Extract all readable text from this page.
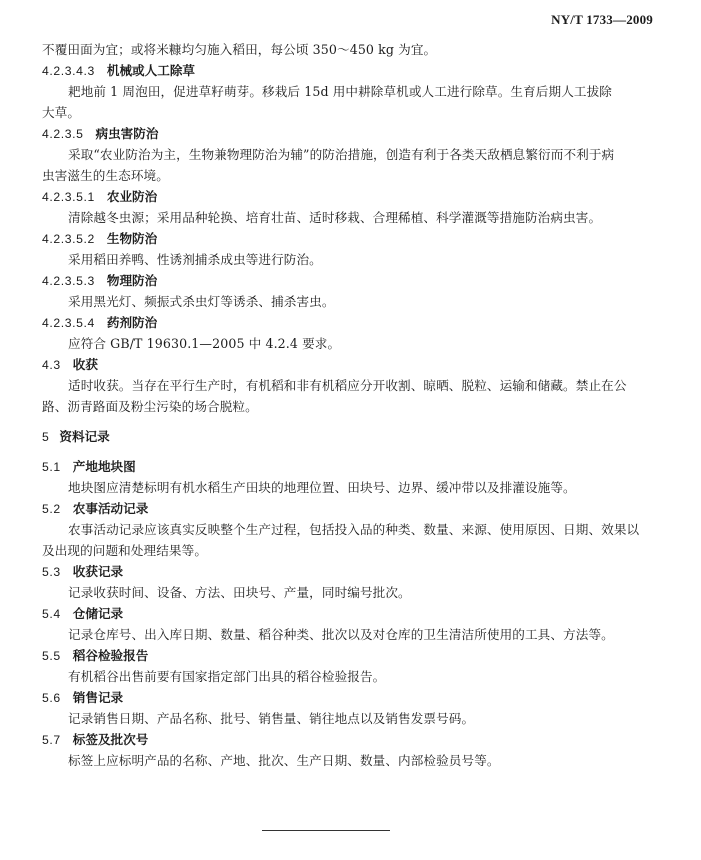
NY/T 1733—2009
不覆田面为宜；或将米糠均匀施入稻田，每公顷 350～450 kg 为宜。
4.2.3.4.3 机械或人工除草
耙地前 1 周泡田，促进草籽萌芽。移栽后 15d 用中耕除草机或人工进行除草。生育后期人工拔除
大草。
4.2.3.5 病虫害防治
采取“农业防治为主，生物兼物理防治为辅”的防治措施，创造有利于各类天敌栖息繁衍而不利于病
虫害滋生的生态环境。
4.2.3.5.1 农业防治
清除越冬虫源；采用品种轮换、培育壮苗、适时移栽、合理稀植、科学灌溉等措施防治病虫害。
4.2.3.5.2 生物防治
采用稻田养鸭、性诱剂捕杀成虫等进行防治。
4.2.3.5.3 物理防治
采用黑光灯、频振式杀虫灯等诱杀、捕杀害虫。
4.2.3.5.4 药剂防治
应符合 GB/T 19630.1—2005 中 4.2.4 要求。
4.3 收获
适时收获。当存在平行生产时，有机稻和非有机稻应分开收割、晾晒、脱粒、运输和储藏。禁止在公
路、沥青路面及粉尘污染的场合脱粒。
5 资料记录
5.1 产地地块图
地块图应清楚标明有机水稻生产田块的地理位置、田块号、边界、缓冲带以及排灌设施等。
5.2 农事活动记录
农事活动记录应该真实反映整个生产过程，包括投入品的种类、数量、来源、使用原因、日期、效果以
及出现的问题和处理结果等。
5.3 收获记录
记录收获时间、设备、方法、田块号、产量，同时编号批次。
5.4 仓储记录
记录仓库号、出入库日期、数量、稻谷种类、批次以及对仓库的卫生清洁所使用的工具、方法等。
5.5 稻谷检验报告
有机稻谷出售前要有国家指定部门出具的稻谷检验报告。
5.6 销售记录
记录销售日期、产品名称、批号、销售量、销往地点以及销售发票号码。
5.7 标签及批次号
标签上应标明产品的名称、产地、批次、生产日期、数量、内部检验员号等。
